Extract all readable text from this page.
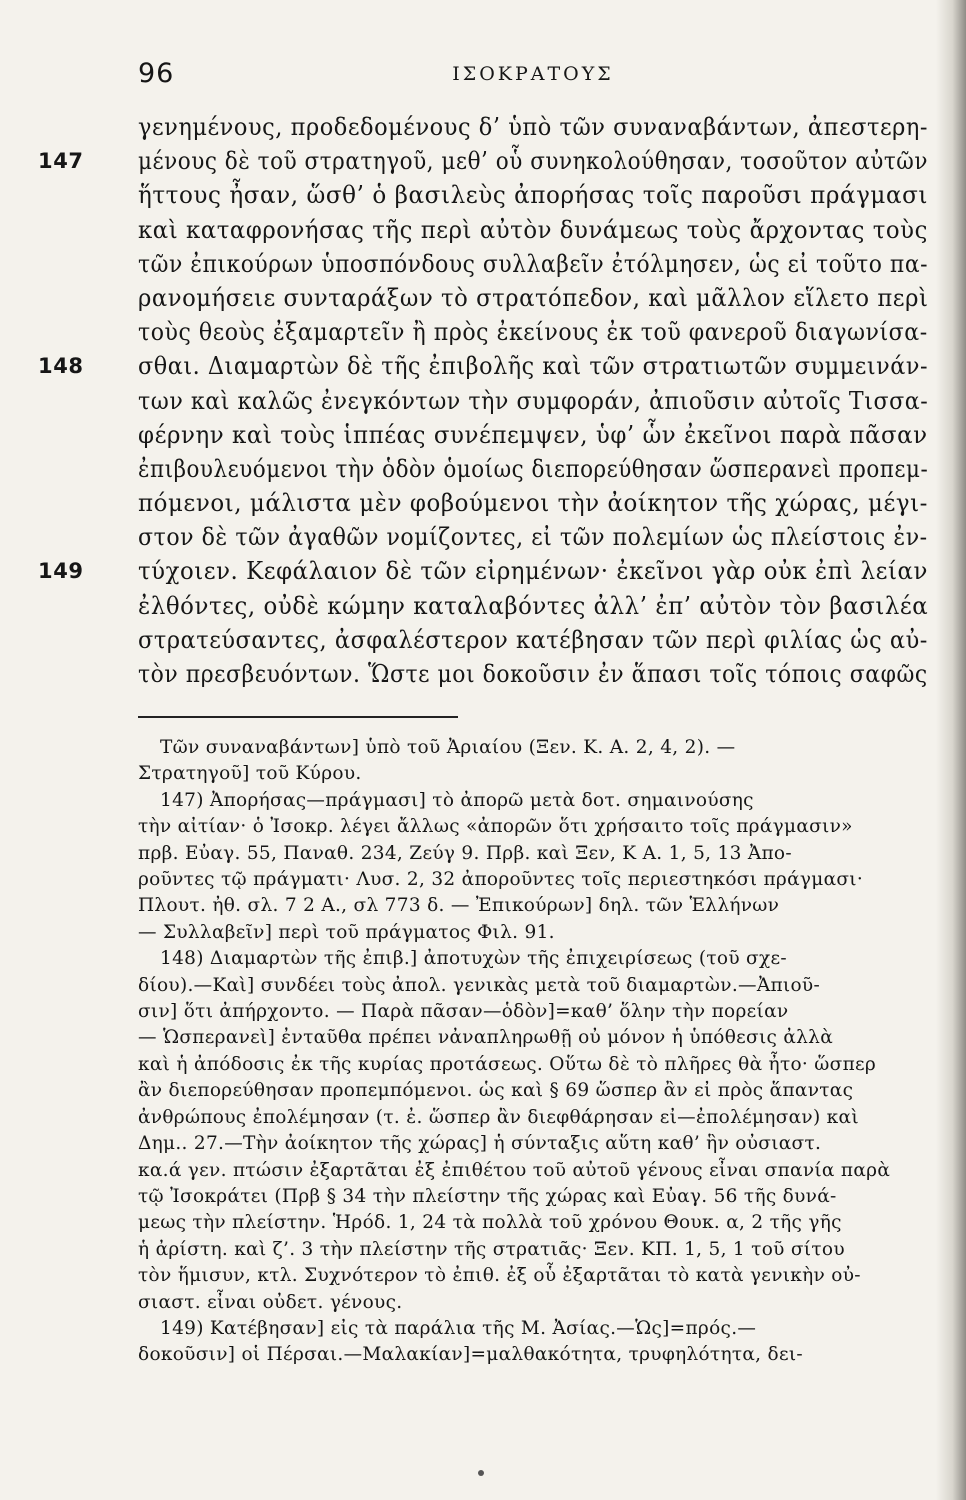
96	ΙΣΟΚΡΑΤΟΥΣ
γενημένους, προδεδομένους δ’ ὑπὸ τῶν συναναβάντων, ἀπεστερη-
147 μένους δὲ τοῦ στρατηγοῦ, μεθ’ οὗ συνηκολούθησαν, τοσοῦτον αὐτῶν
ἥττους ἦσαν, ὥσθ’ ὁ βασιλεὺς ἀπορήσας τοῖς παροῦσι πράγμασι
καὶ καταφρονήσας τῆς περὶ αὐτὸν δυνάμεως τοὺς ἄρχοντας τοὺς
τῶν ἐπικούρων ὑποσπόνδους συλλαβεῖν ἐτόλμησεν, ὡς εἰ τοῦτο πα-
ρανομήσειε συνταράξων τὸ στρατόπεδον, καὶ μᾶλλον εἵλετο περὶ
τοὺς θεοὺς ἐξαμαρτεῖν ἢ πρὸς ἐκείνους ἐκ τοῦ φανεροῦ διαγωνίσα-
148 σθαι. Διαμαρτὼν δὲ τῆς ἐπιβολῆς καὶ τῶν στρατιωτῶν συμμεινάν-
των καὶ καλῶς ἐνεγκόντων τὴν συμφοράν, ἀπιοῦσιν αὐτοῖς Τισσα-
φέρνην καὶ τοὺς ἱππέας συνέπεμψεν, ὑφ’ ὧν ἐκεῖνοι παρὰ πᾶσαν
ἐπιβουλευόμενοι τὴν ὁδὸν ὁμοίως διεπορεύθησαν ὥσπερανεὶ προπεμ-
πόμενοι, μάλιστα μὲν φοβούμενοι τὴν ἀοίκητον τῆς χώρας, μέγι-
στον δὲ τῶν ἀγαθῶν νομίζοντες, εἰ τῶν πολεμίων ὡς πλείστοις ἐν-
149 τύχοιεν. Κεφάλαιον δὲ τῶν εἰρημένων· ἐκεῖνοι γὰρ οὐκ ἐπὶ λείαν
ἐλθόντες, οὐδὲ κώμην καταλαβόντες ἀλλ’ ἐπ’ αὐτὸν τὸν βασιλέα
στρατεύσαντες, ἀσφαλέστερον κατέβησαν τῶν περὶ φιλίας ὡς αὐ-
τὸν πρεσβευόντων. Ὥστε μοι δοκοῦσιν ἐν ἅπασι τοῖς τόποις σαφῶς
Τῶν συναναβάντων] ὑπὸ τοῦ Ἀριαίου (Ξεν. Κ. Α. 2, 4, 2). —Στρατηγοῦ] τοῦ Κύρου.147) Ἀπορήσας—πράγμασι] τὸ ἀπορῶ μετὰ δοτ. σημαινούσηςτὴν αἰτίαν· ὁ Ἰσοκρ. λέγει ἄλλως «ἀπορῶν ὅτι χρήσαιτο τοῖς πράγμασιν»πρβ. Εὐαγ. 55, Παναθ. 234, Ζεύγ 9. Πρβ. καὶ Ξεν, Κ Α. 1, 5, 13 Ἀπο-ροῦντες τῷ πράγματι· Λυσ. 2, 32 ἀποροῦντες τοῖς περιεστηκόσι πράγμασι·Πλουτ. ἠθ. σλ. 7 2 Α., σλ 773 δ. — Ἐπικούρων] δηλ. τῶν Ἑλλήνων— Συλλαβεῖν] περὶ τοῦ πράγματος Φιλ. 91.148) Διαμαρτὼν τῆς ἐπιβ.] ἀποτυχὼν τῆς ἐπιχειρίσεως (τοῦ σχε-δίου).—Καὶ] συνδέει τοὺς ἀπολ. γενικὰς μετὰ τοῦ διαμαρτὼν.—Ἀπιοῦ-σιν] ὅτι ἀπήρχοντο. — Παρὰ πᾶσαν—ὁδὸν]=καθ’ ὅλην τὴν πορείαν— Ὡσπερανεὶ] ἐνταῦθα πρέπει νἀναπληρωθῇ οὐ μόνον ἡ ὑπόθεσις ἀλλὰκαὶ ἡ ἀπόδοσις ἐκ τῆς κυρίας προτάσεως. Οὕτω δὲ τὸ πλῆρες θὰ ἦτο· ὥσπερἂν διεπορεύθησαν προπεμπόμενοι. ὡς καὶ § 69 ὥσπερ ἂν εἰ πρὸς ἅπανταςἀνθρώπους ἐπολέμησαν (τ. ἐ. ὥσπερ ἂν διεφθάρησαν εἰ—ἐπολέμησαν) καὶΔημ.. 27.—Τὴν ἀοίκητον τῆς χώρας] ἡ σύνταξις αὕτη καθ’ ἣν οὐσιαστ.κα.ά γεν. πτώσιν ἐξαρτᾶται ἐξ ἐπιθέτου τοῦ αὐτοῦ γένους εἶναι σπανία παρὰτῷ Ἰσοκράτει (Πρβ § 34 τὴν πλείστην τῆς χώρας καὶ Εὐαγ. 56 τῆς δυνά-μεως τὴν πλείστην. Ἡρόδ. 1, 24 τὰ πολλὰ τοῦ χρόνου Θουκ. α, 2 τῆς γῆςἡ ἀρίστη. καὶ ζ’. 3 τὴν πλείστην τῆς στρατιᾶς· Ξεν. ΚΠ. 1, 5, 1 τοῦ σίτουτὸν ἥμισυν, κτλ. Συχνότερον τὸ ἐπιθ. ἐξ οὗ ἐξαρτᾶται τὸ κατὰ γενικὴν οὐ-σιαστ. εἶναι οὐδετ. γένους.149) Κατέβησαν] εἰς τὰ παράλια τῆς Μ. Ἀσίας.—Ὡς]=πρός.—δοκοῦσιν] οἱ Πέρσαι.—Μαλακίαν]=μαλθακότητα, τρυφηλότητα, δει-
